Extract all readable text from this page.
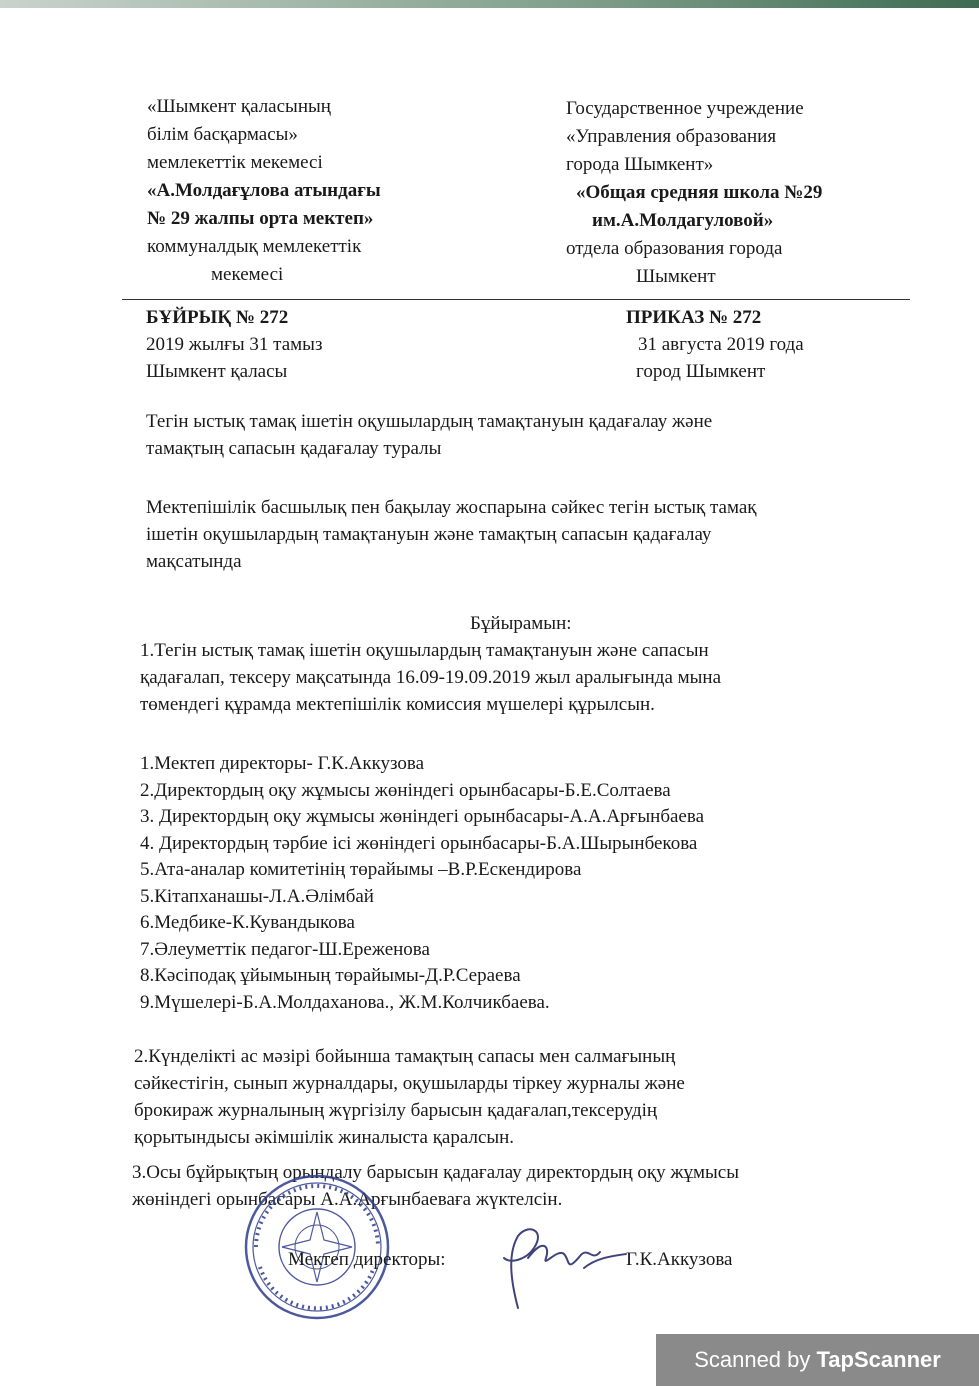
«Шымкент қаласының
білім басқармасы»
мемлекеттік мекемесі
«А.Молдағұлова атындағы
№ 29 жалпы орта мектеп»
коммуналдық мемлекеттік
мекемесі
Государственное учреждение
«Управления образования
города Шымкент»
«Общая средняя школа №29
им.А.Молдагуловой»
отдела образования города
Шымкент
БҰЙРЫҚ № 272
2019 жылғы 31 тамыз
Шымкент қаласы
ПРИКАЗ № 272
31 августа 2019 года
город Шымкент
Тегін ыстық тамақ ішетін оқушылардың тамақтануын қадағалау және
тамақтың сапасын қадағалау туралы
Мектепішілік басшылық пен бақылау жоспарына сәйкес тегін ыстық тамақ
ішетін оқушылардың тамақтануын және тамақтың сапасын қадағалау
мақсатында
Бұйырамын:
1.Тегін ыстық тамақ ішетін оқушылардың тамақтануын және сапасын
қадағалап, тексеру мақсатында 16.09-19.09.2019 жыл аралығында мына
төмендегі құрамда мектепішілік комиссия мүшелері құрылсын.
1.Мектеп директоры- Г.К.Аккузова
2.Директордың оқу жұмысы жөніндегі орынбасары-Б.Е.Солтаева
3. Директордың оқу жұмысы жөніндегі орынбасары-А.А.Арғынбаева
4. Директордың тәрбие ісі жөніндегі орынбасары-Б.А.Шырынбекова
5.Ата-аналар комитетінің төрайымы –В.Р.Ескендирова
5.Кітапханашы-Л.А.Әлімбай
6.Медбике-К.Кувандыкова
7.Әлеуметтік педагог-Ш.Ереженова
8.Кәсіподақ ұйымының төрайымы-Д.Р.Сераева
9.Мүшелері-Б.А.Молдаханова., Ж.М.Колчикбаева.
2.Күнделікті ас мәзірі бойынша тамақтың сапасы мен салмағының
сәйкестігін, сынып журналдары, оқушыларды тіркеу журналы және
брокираж журналының жүргізілу барысын қадағалап,тексерудің
қорытындысы әкімшілік жиналыста қаралсын.
3.Осы бұйрықтың орындалу барысын қадағалау директордың оқу жұмысы
жөніндегі орынбасары А.А.Арғынбаеваға жүктелсін.
Мектеп директоры:	Г.К.Аккузова
Scanned by TapScanner
